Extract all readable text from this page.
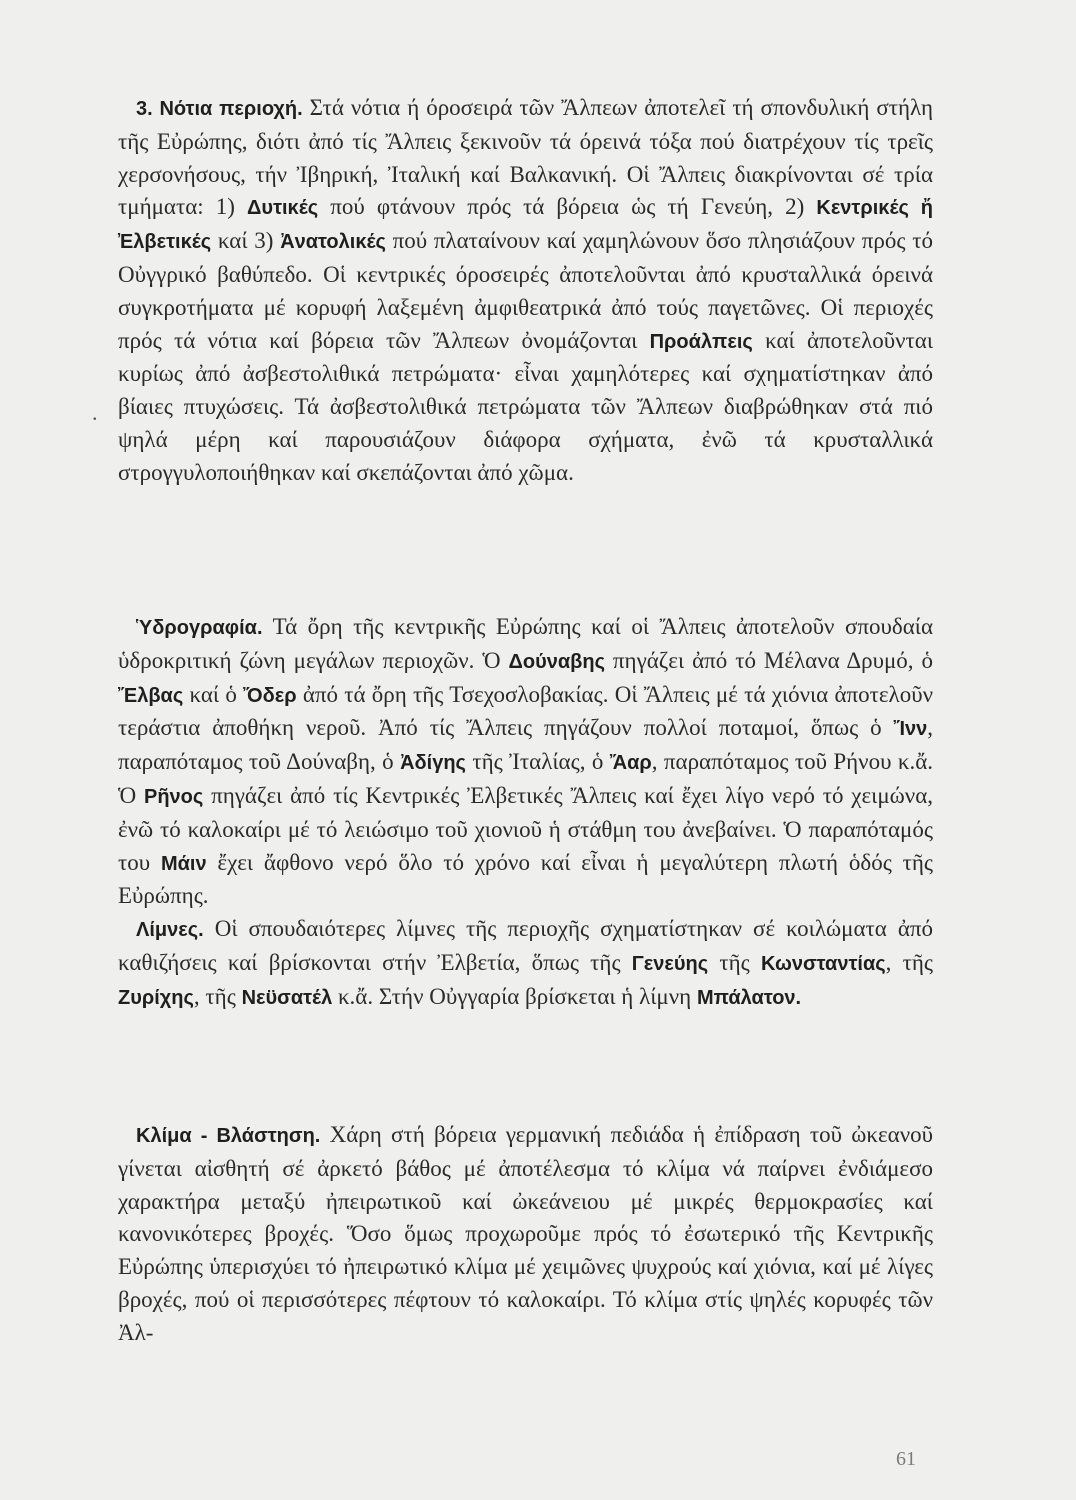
.

3. Νότια περιοχή. Στά νότια ή όροσειρά τῶν Ἄλπεων ἀποτελεῖ τή σπονδυλική στήλη τῆς Εὐρώπης, διότι ἀπό τίς Ἄλπεις ξεκινοῦν τά όρεινά τόξα πού διατρέχουν τίς τρεῖς χερσονήσους, τήν Ἰβηρική, Ἰταλική καί Βαλκανική. Οἱ Ἄλπεις διακρίνονται σέ τρία τμήματα: 1) Δυτικές πού φτάνουν πρός τά βόρεια ὡς τή Γενεύη, 2) Κεντρικές ἤ Ἐλβετικές καί 3) Ἀνατολικές πού πλαταίνουν καί χαμηλώνουν ὅσο πλησιάζουν πρός τό Οὐγγρικό βαθύπεδο. Οἱ κεντρικές όροσειρές ἀποτελοῦνται ἀπό κρυσταλλικά όρεινά συγκροτήματα μέ κορυφή λαξεμένη ἀμφιθεατρικά ἀπό τούς παγετῶνες. Οἱ περιοχές πρός τά νότια καί βόρεια τῶν Ἄλπεων ὀνομάζονται Προάλπεις καί ἀποτελοῦνται κυρίως ἀπό ἀσβεστολιθικά πετρώματα· εἶναι χαμηλότερες καί σχηματίστηκαν ἀπό βίαιες πτυχώσεις. Τά ἀσβεστολιθικά πετρώματα τῶν Ἄλπεων διαβρώθηκαν στά πιό ψηλά μέρη καί παρουσιάζουν διάφορα σχήματα, ἐνῶ τά κρυσταλλικά στρογγυλοποιήθηκαν καί σκεπάζονται ἀπό χῶμα.

Ὑδρογραφία. Τά ὄρη τῆς κεντρικῆς Εὐρώπης καί οἱ Ἄλπεις ἀποτελοῦν σπουδαία ὑδροκριτική ζώνη μεγάλων περιοχῶν. Ὁ Δούναβης πηγάζει ἀπό τό Μέλανα Δρυμό, ὁ Ἔλβας καί ὁ Ὄδερ ἀπό τά ὄρη τῆς Τσεχοσλοβακίας. Οἱ Ἄλπεις μέ τά χιόνια ἀποτελοῦν τεράστια ἀποθήκη νεροῦ. Ἀπό τίς Ἄλπεις πηγάζουν πολλοί ποταμοί, ὅπως ὁ Ἴνν, παραπόταμος τοῦ Δούναβη, ὁ Ἀδίγης τῆς Ἰταλίας, ὁ Ἄαρ, παραπόταμος τοῦ Ρήνου κ.ἄ. Ὁ Ρῆνος πηγάζει ἀπό τίς Κεντρικές Ἐλβετικές Ἄλπεις καί ἔχει λίγο νερό τό χειμώνα, ἐνῶ τό καλοκαίρι μέ τό λειώσιμο τοῦ χιονιοῦ ἡ στάθμη του ἀνεβαίνει. Ὁ παραπόταμός του Μάιν ἔχει ἄφθονο νερό ὅλο τό χρόνο καί εἶναι ἡ μεγαλύτερη πλωτή ὁδός τῆς Εὐρώπης.

Λίμνες. Οἱ σπουδαιότερες λίμνες τῆς περιοχῆς σχηματίστηκαν σέ κοιλώματα ἀπό καθιζήσεις καί βρίσκονται στήν Ἐλβετία, ὅπως τῆς Γενεύης τῆς Κωνσταντίας, τῆς Ζυρίχης, τῆς Νεϋσατέλ κ.ἄ. Στήν Οὐγγαρία βρίσκεται ἡ λίμνη Μπάλατον.

Κλίμα - Βλάστηση. Χάρη στή βόρεια γερμανική πεδιάδα ἡ ἐπίδραση τοῦ ὠκεανοῦ γίνεται αἰσθητή σέ ἀρκετό βάθος μέ ἀποτέλεσμα τό κλίμα νά παίρνει ἐνδιάμεσο χαρακτήρα μεταξύ ἠπειρωτικοῦ καί ὠκεάνειου μέ μικρές θερμοκρασίες καί κανονικότερες βροχές. Ὅσο ὅμως προχωροῦμε πρός τό ἐσωτερικό τῆς Κεντρικῆς Εὐρώπης ὑπερισχύει τό ἠπειρωτικό κλίμα μέ χειμῶνες ψυχρούς καί χιόνια, καί μέ λίγες βροχές, πού οἱ περισσότερες πέφτουν τό καλοκαίρι. Τό κλίμα στίς ψηλές κορυφές τῶν Ἀλ-

61
